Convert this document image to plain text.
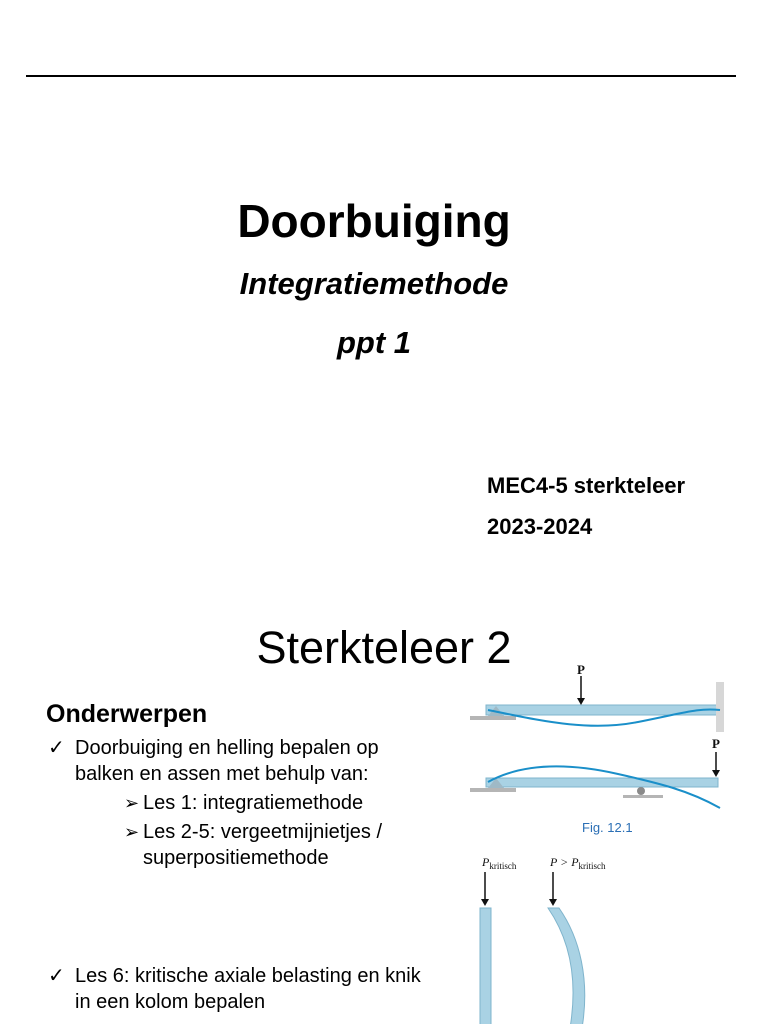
Doorbuiging
Integratiemethode
ppt 1
MEC4-5 sterkteleer
2023-2024
Sterkteleer 2
Onderwerpen
✓ Doorbuiging en helling bepalen op balken en assen met behulp van:
➢ Les 1: integratiemethode
➢ Les 2-5: vergeetmijnietjes / superpositiemethode
✓ Les 6: kritische axiale belasting en knik in een kolom bepalen
P
P
Fig. 12.1
$P_{kritisch}$	$P > P_{kritisch}$
